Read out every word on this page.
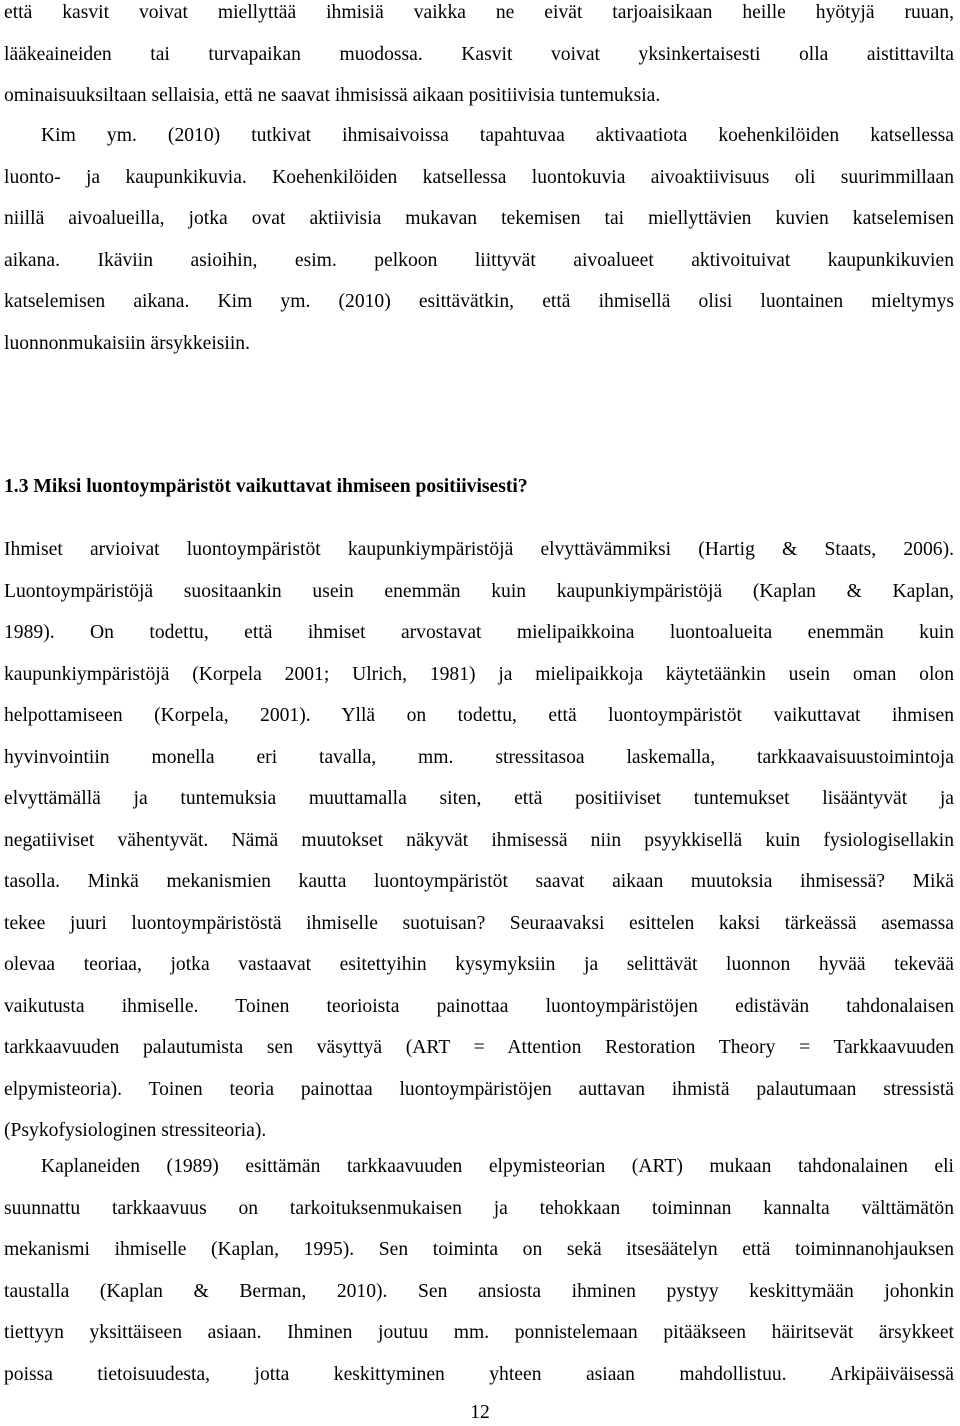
että kasvit voivat miellyttää ihmisiä vaikka ne eivät tarjoaisikaan heille hyötyjä ruuan,
lääkeaineiden tai turvapaikan muodossa. Kasvit voivat yksinkertaisesti olla aistittavilta
ominaisuuksiltaan sellaisia, että ne saavat ihmisissä aikaan positiivisia tuntemuksia.
Kim ym. (2010) tutkivat ihmisaivoissa tapahtuvaa aktivaatiota koehenkilöiden katsellessa
luonto- ja kaupunkikuvia. Koehenkilöiden katsellessa luontokuvia aivoaktiivisuus oli suurimmillaan
niillä aivoalueilla, jotka ovat aktiivisia mukavan tekemisen tai miellyttävien kuvien katselemisen
aikana. Ikäviin asioihin, esim. pelkoon liittyvät aivoalueet aktivoituivat kaupunkikuvien
katselemisen aikana. Kim ym. (2010) esittävätkin, että ihmisellä olisi luontainen mieltymys
luonnonmukaisiin ärsykkeisiin.
1.3 Miksi luontoympäristöt vaikuttavat ihmiseen positiivisesti?
Ihmiset arvioivat luontoympäristöt kaupunkiympäristöjä elvyttävämmiksi (Hartig & Staats, 2006).
Luontoympäristöjä suositaankin usein enemmän kuin kaupunkiympäristöjä (Kaplan & Kaplan,
1989). On todettu, että ihmiset arvostavat mielipaikkoina luontoalueita enemmän kuin
kaupunkiympäristöjä (Korpela 2001; Ulrich, 1981) ja mielipaikkoja käytetäänkin usein oman olon
helpottamiseen (Korpela, 2001). Yllä on todettu, että luontoympäristöt vaikuttavat ihmisen
hyvinvointiin monella eri tavalla, mm. stressitasoa laskemalla, tarkkaavaisuustoimintoja
elvyttämällä ja tuntemuksia muuttamalla siten, että positiiviset tuntemukset lisääntyvät ja
negatiiviset vähentyvät. Nämä muutokset näkyvät ihmisessä niin psyykkisellä kuin fysiologisellakin
tasolla. Minkä mekanismien kautta luontoympäristöt saavat aikaan muutoksia ihmisessä? Mikä
tekee juuri luontoympäristöstä ihmiselle suotuisan? Seuraavaksi esittelen kaksi tärkeässä asemassa
olevaa teoriaa, jotka vastaavat esitettyihin kysymyksiin ja selittävät luonnon hyvää tekevää
vaikutusta ihmiselle. Toinen teorioista painottaa luontoympäristöjen edistävän tahdonalaisen
tarkkaavuuden palautumista sen väsyttyä (ART = Attention Restoration Theory = Tarkkaavuuden
elpymisteoria). Toinen teoria painottaa luontoympäristöjen auttavan ihmistä palautumaan stressistä
(Psykofysiologinen stressiteoria).
Kaplaneiden (1989) esittämän tarkkaavuuden elpymisteorian (ART) mukaan tahdonalainen eli
suunnattu tarkkaavuus on tarkoituksenmukaisen ja tehokkaan toiminnan kannalta välttämätön
mekanismi ihmiselle (Kaplan, 1995). Sen toiminta on sekä itsesäätelyn että toiminnanohjauksen
taustalla (Kaplan & Berman, 2010). Sen ansiosta ihminen pystyy keskittymään johonkin
tiettyyn yksittäiseen asiaan. Ihminen joutuu mm. ponnistelemaan pitääkseen häiritsevät ärsykkeet
poissa tietoisuudesta, jotta keskittyminen yhteen asiaan mahdollistuu. Arkipäiväisessä
12
